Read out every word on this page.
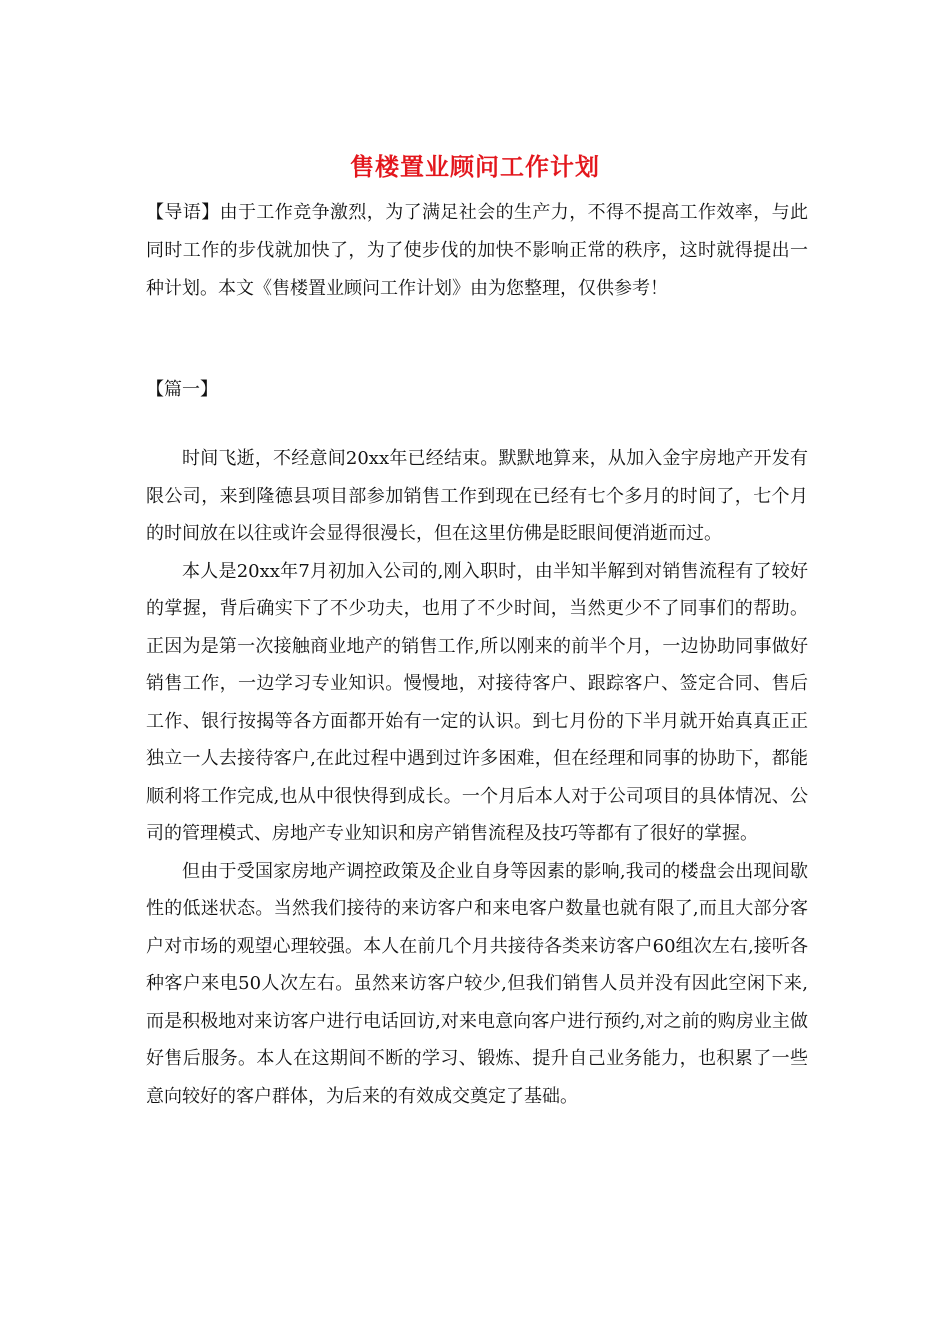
售楼置业顾问工作计划

【导语】由于工作竞争激烈，为了满足社会的生产力，不得不提高工作效率，与此同时工作的步伐就加快了，为了使步伐的加快不影响正常的秩序，这时就得提出一种计划。本文《售楼置业顾问工作计划》由为您整理，仅供参考！

【篇一】

时间飞逝，不经意间20xx年已经结束。默默地算来，从加入金宇房地产开发有限公司，来到隆德县项目部参加销售工作到现在已经有七个多月的时间了，七个月的时间放在以往或许会显得很漫长，但在这里仿佛是眨眼间便消逝而过。

本人是20xx年7月初加入公司的,刚入职时，由半知半解到对销售流程有了较好的掌握，背后确实下了不少功夫，也用了不少时间，当然更少不了同事们的帮助。正因为是第一次接触商业地产的销售工作,所以刚来的前半个月，一边协助同事做好销售工作，一边学习专业知识。慢慢地，对接待客户、跟踪客户、签定合同、售后工作、银行按揭等各方面都开始有一定的认识。到七月份的下半月就开始真真正正独立一人去接待客户,在此过程中遇到过许多困难，但在经理和同事的协助下，都能顺利将工作完成,也从中很快得到成长。一个月后本人对于公司项目的具体情况、公司的管理模式、房地产专业知识和房产销售流程及技巧等都有了很好的掌握。

但由于受国家房地产调控政策及企业自身等因素的影响,我司的楼盘会出现间歇性的低迷状态。当然我们接待的来访客户和来电客户数量也就有限了,而且大部分客户对市场的观望心理较强。本人在前几个月共接待各类来访客户60组次左右,接听各种客户来电50人次左右。虽然来访客户较少,但我们销售人员并没有因此空闲下来,而是积极地对来访客户进行电话回访,对来电意向客户进行预约,对之前的购房业主做好售后服务。本人在这期间不断的学习、锻炼、提升自己业务能力，也积累了一些意向较好的客户群体，为后来的有效成交奠定了基础。
